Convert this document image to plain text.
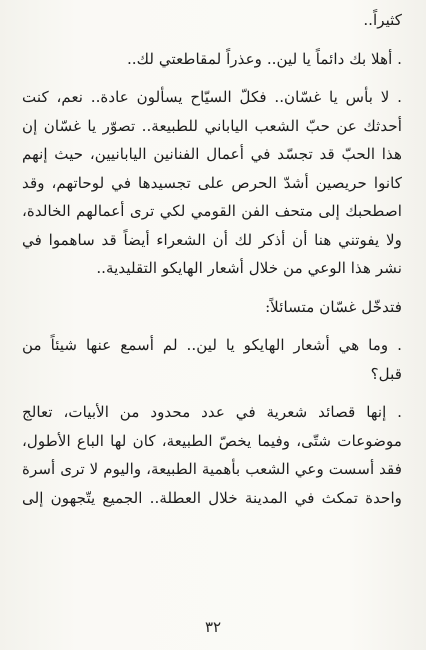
كثيراً..
. أهلا بك دائماً يا لين.. وعذراً لمقاطعتي لك..
. لا بأس يا غسّان.. فكلّ السيّاح يسألون عادة.. نعم، كنت
أحدثك عن حبّ الشعب الياباني للطبيعة.. تصوّر يا غسّان إن
هذا الحبّ قد تجسّد في أعمال الفنانين اليابانيين، حيث إنهم
كانوا حريصين أشدّ الحرص على تجسيدها في لوحاتهم، وقد
اصطحبك إلى متحف الفن القومي لكي ترى أعمالهم الخالدة،
ولا يفوتني هنا أن أذكر لك أن الشعراء أيضاً قد ساهموا في
نشر هذا الوعي من خلال أشعار الهايكو التقليدية..
فتدخّل غسّان متسائلاً:
. وما هي أشعار الهايكو يا لين.. لم أسمع عنها شيئاً من
قبل؟
. إنها قصائد شعرية في عدد محدود من الأبيات، تعالج
موضوعات شتّى، وفيما يخصّ الطبيعة، كان لها الباع الأطول،
فقد أسست وعي الشعب بأهمية الطبيعة، واليوم لا ترى أسرة
واحدة تمكث في المدينة خلال العطلة.. الجميع يتّجهون إلى
٣٢
